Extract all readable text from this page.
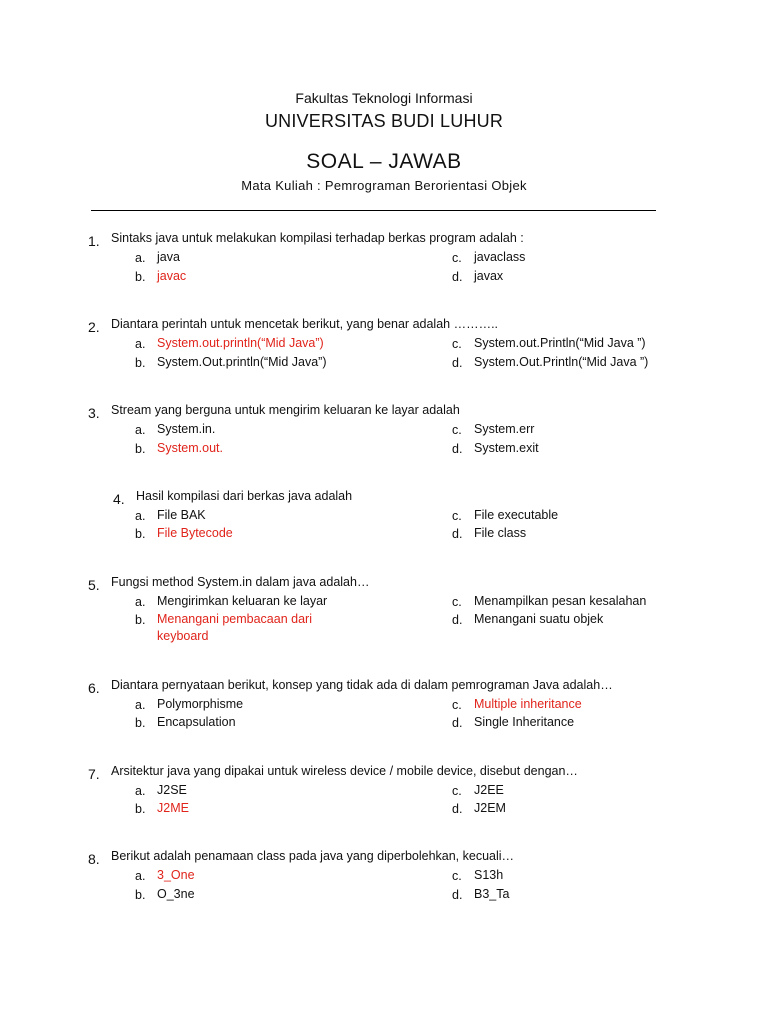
Fakultas Teknologi Informasi
UNIVERSITAS BUDI LUHUR
SOAL – JAWAB
Mata Kuliah : Pemrograman Berorientasi Objek
1. Sintaks java untuk melakukan kompilasi terhadap berkas program adalah :
a. java
b. javac
c. javaclass
d. javax
2. Diantara perintah untuk mencetak berikut, yang benar adalah ………..
a. System.out.println(“Mid Java”)
b. System.Out.println(“Mid Java”)
c. System.out.Println(“Mid Java ”)
d. System.Out.Println(“Mid Java ”)
3. Stream yang berguna untuk mengirim keluaran ke layar adalah
a. System.in.
b. System.out.
c. System.err
d. System.exit
4. Hasil kompilasi dari berkas java adalah
a. File BAK
b. File Bytecode
c. File executable
d. File class
5. Fungsi method System.in dalam java adalah…
a. Mengirimkan keluaran ke layar
b. Menangani pembacaan dari keyboard
c. Menampilkan pesan kesalahan
d. Menangani suatu objek
6. Diantara pernyataan berikut, konsep yang tidak ada di dalam pemrograman Java adalah…
a. Polymorphisme
b. Encapsulation
c. Multiple inheritance
d. Single Inheritance
7. Arsitektur java yang dipakai untuk wireless device / mobile device, disebut dengan…
a. J2SE
b. J2ME
c. J2EE
d. J2EM
8. Berikut adalah penamaan class pada java yang diperbolehkan, kecuali…
a. 3_One
b. O_3ne
c. S13h
d. B3_Ta
